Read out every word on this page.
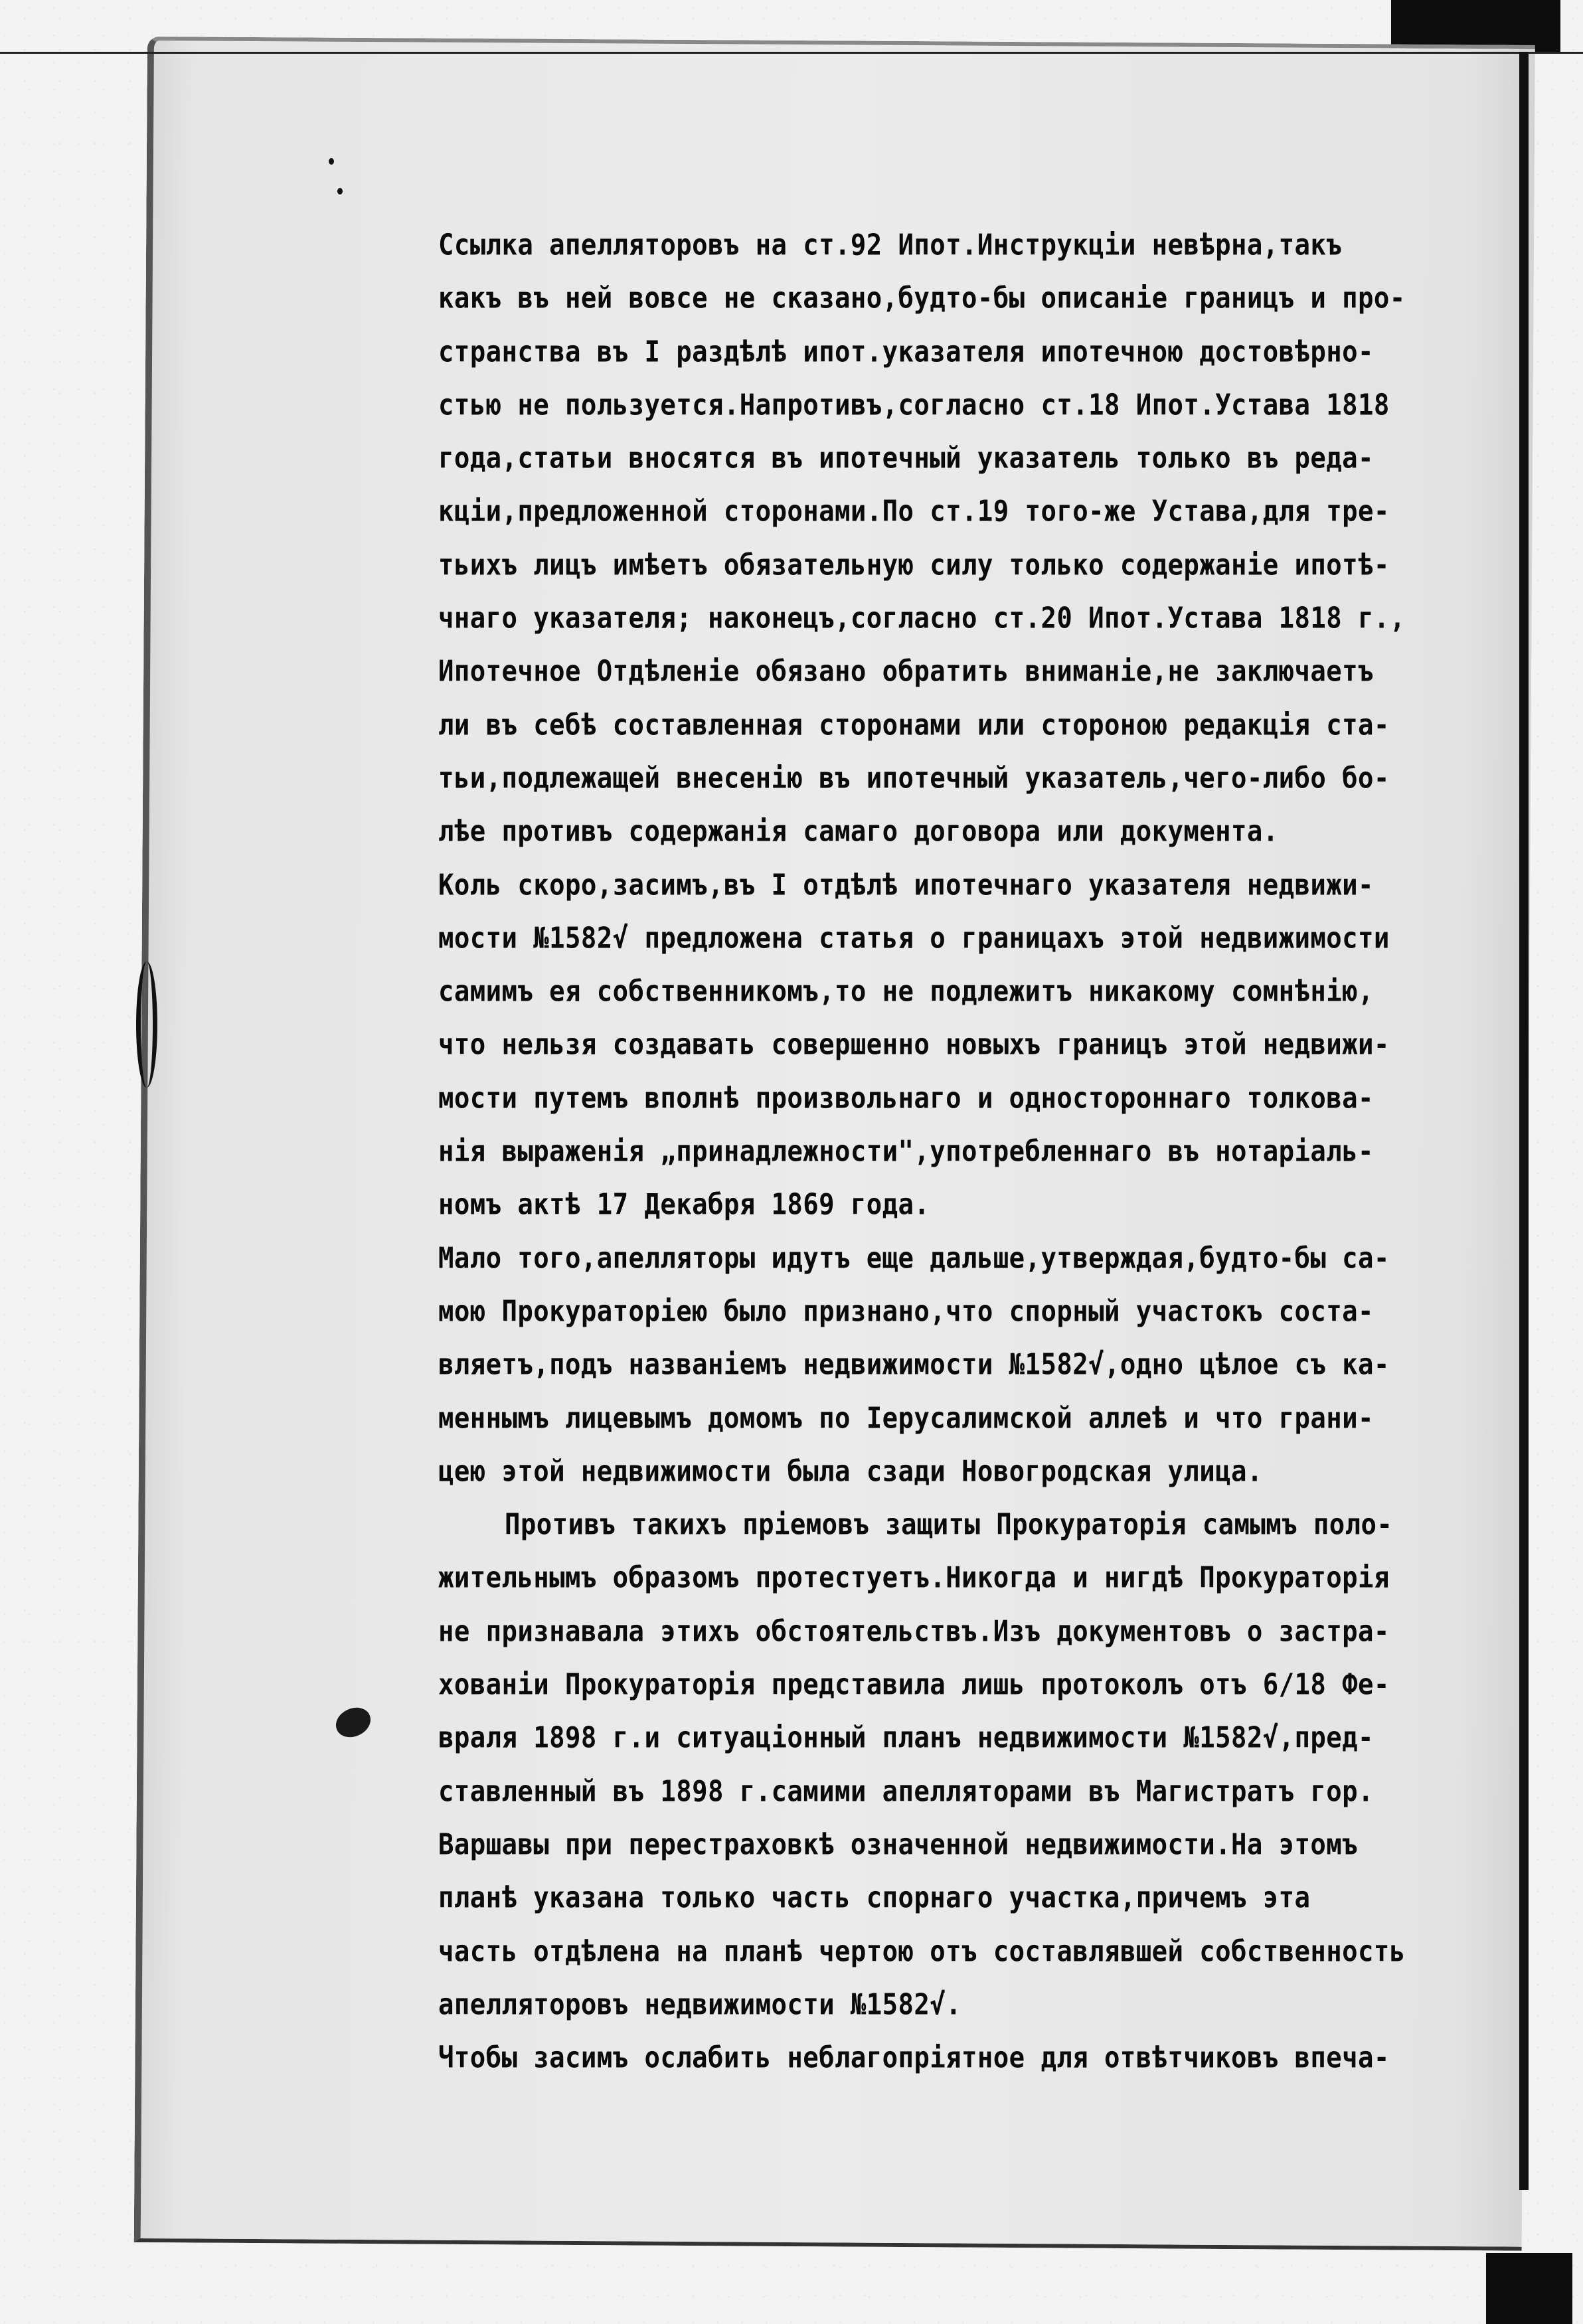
Ссылка апелляторовъ на ст.92 Ипот.Инструкціи невѣрна,такъ
какъ въ ней вовсе не сказано,будто-бы описаніе границъ и про-
странства въ I раздѣлѣ ипот.указателя ипотечною достовѣрно-
стью не пользуется.Напротивъ,согласно ст.18 Ипот.Устава 1818
года,статьи вносятся въ ипотечный указатель только въ реда-
кціи,предложенной сторонами.По ст.19 того-же Устава,для тре-
тьихъ лицъ имѣетъ обязательную силу только содержаніе ипотѣ-
чнаго указателя; наконецъ,согласно ст.20 Ипот.Устава 1818 г.,
Ипотечное Отдѣленіе обязано обратить вниманіе,не заключаетъ
ли въ себѣ составленная сторонами или стороною редакція ста-
тьи,подлежащей внесенію въ ипотечный указатель,чего-либо бо-
лѣе противъ содержанія самаго договора или документа.
Коль скоро,засимъ,въ I отдѣлѣ ипотечнаго указателя недвижи-
мости №1582√ предложена статья о границахъ этой недвижимости
самимъ ея собственникомъ,то не подлежитъ никакому сомнѣнію,
что нельзя создавать совершенно новыхъ границъ этой недвижи-
мости путемъ вполнѣ произвольнаго и одностороннаго толкова-
нія выраженія „принадлежности",употребленнаго въ нотаріаль-
номъ актѣ 17 Декабря 1869 года.
Мало того,апелляторы идутъ еще дальше,утверждая,будто-бы са-
мою Прокураторіею было признано,что спорный участокъ соста-
вляетъ,подъ названіемъ недвижимости №1582√,одно цѣлое съ ка-
меннымъ лицевымъ домомъ по Іерусалимской аллеѣ и что грани-
цею этой недвижимости была сзади Новогродская улица.
Противъ такихъ пріемовъ защиты Прокураторія самымъ поло-
жительнымъ образомъ протестуетъ.Никогда и нигдѣ Прокураторія
не признавала этихъ обстоятельствъ.Изъ документовъ о застра-
хованіи Прокураторія представила лишь протоколъ отъ 6/18 Фе-
враля 1898 г.и ситуаціонный планъ недвижимости №1582√,пред-
ставленный въ 1898 г.самими апелляторами въ Магистратъ гор.
Варшавы при перестраховкѣ означенной недвижимости.На этомъ
планѣ указана только часть спорнаго участка,причемъ эта
часть отдѣлена на планѣ чертою отъ составлявшей собственность
апелляторовъ недвижимости №1582√.
Чтобы засимъ ослабить неблагопріятное для отвѣтчиковъ впеча-
